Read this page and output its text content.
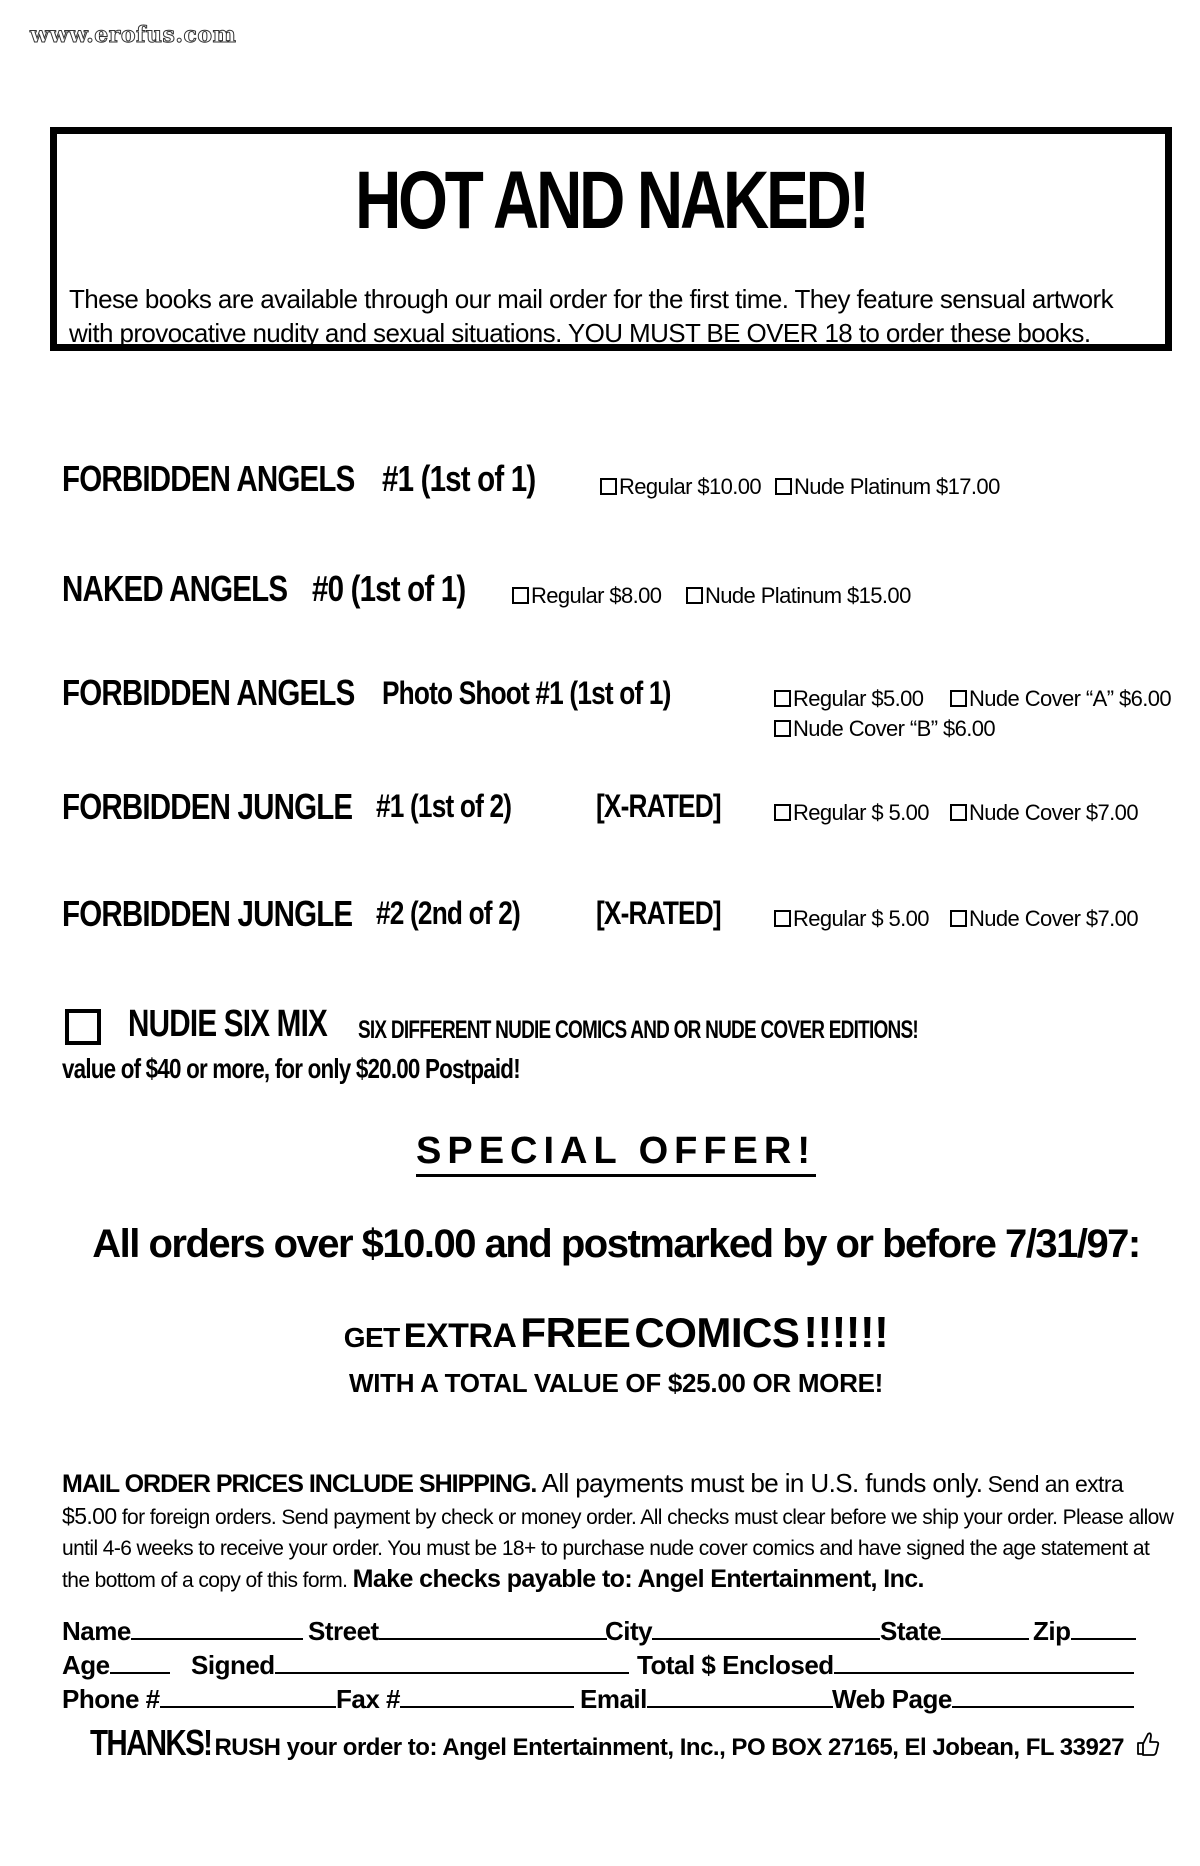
www.erofus.com
HOT AND NAKED!
These books are available through our mail order for the first time. They feature sensual artwork with provocative nudity and sexual situations. YOU MUST BE OVER 18 to order these books.
FORBIDDEN ANGELS #1 (1st of 1)	Regular $10.00	Nude Platinum $17.00
NAKED ANGELS #0 (1st of 1)	Regular $8.00	Nude Platinum $15.00
FORBIDDEN ANGELS Photo Shoot #1 (1st of 1)	Regular $5.00	Nude Cover “A” $6.00
Nude Cover “B” $6.00
FORBIDDEN JUNGLE #1 (1st of 2)	[X-RATED]	Regular $ 5.00	Nude Cover $7.00
FORBIDDEN JUNGLE #2 (2nd of 2) [X-RATED]	Regular $ 5.00	Nude Cover $7.00
NUDIE SIX MIX SIX DIFFERENT NUDIE COMICS AND OR NUDE COVER EDITIONS!
value of $40 or more, for only $20.00 Postpaid!
SPECIAL OFFER!
All orders over $10.00 and postmarked by or before 7/31/97:
GET EXTRA FREE COMICS !!!!!!
WITH A TOTAL VALUE OF $25.00 OR MORE!
MAIL ORDER PRICES INCLUDE SHIPPING. All payments must be in U.S. funds only. Send an extra $5.00 for foreign orders. Send payment by check or money order. All checks must clear before we ship your order. Please allow until 4-6 weeks to receive your order. You must be 18+ to purchase nude cover comics and have signed the age statement at the bottom of a copy of this form. Make checks payable to: Angel Entertainment, Inc.
Name	Street	City	State	Zip
Age	Signed	Total $ Enclosed
Phone #	Fax #	Email	Web Page
THANKS! RUSH your order to: Angel Entertainment, Inc., PO BOX 27165, El Jobean, FL 33927
